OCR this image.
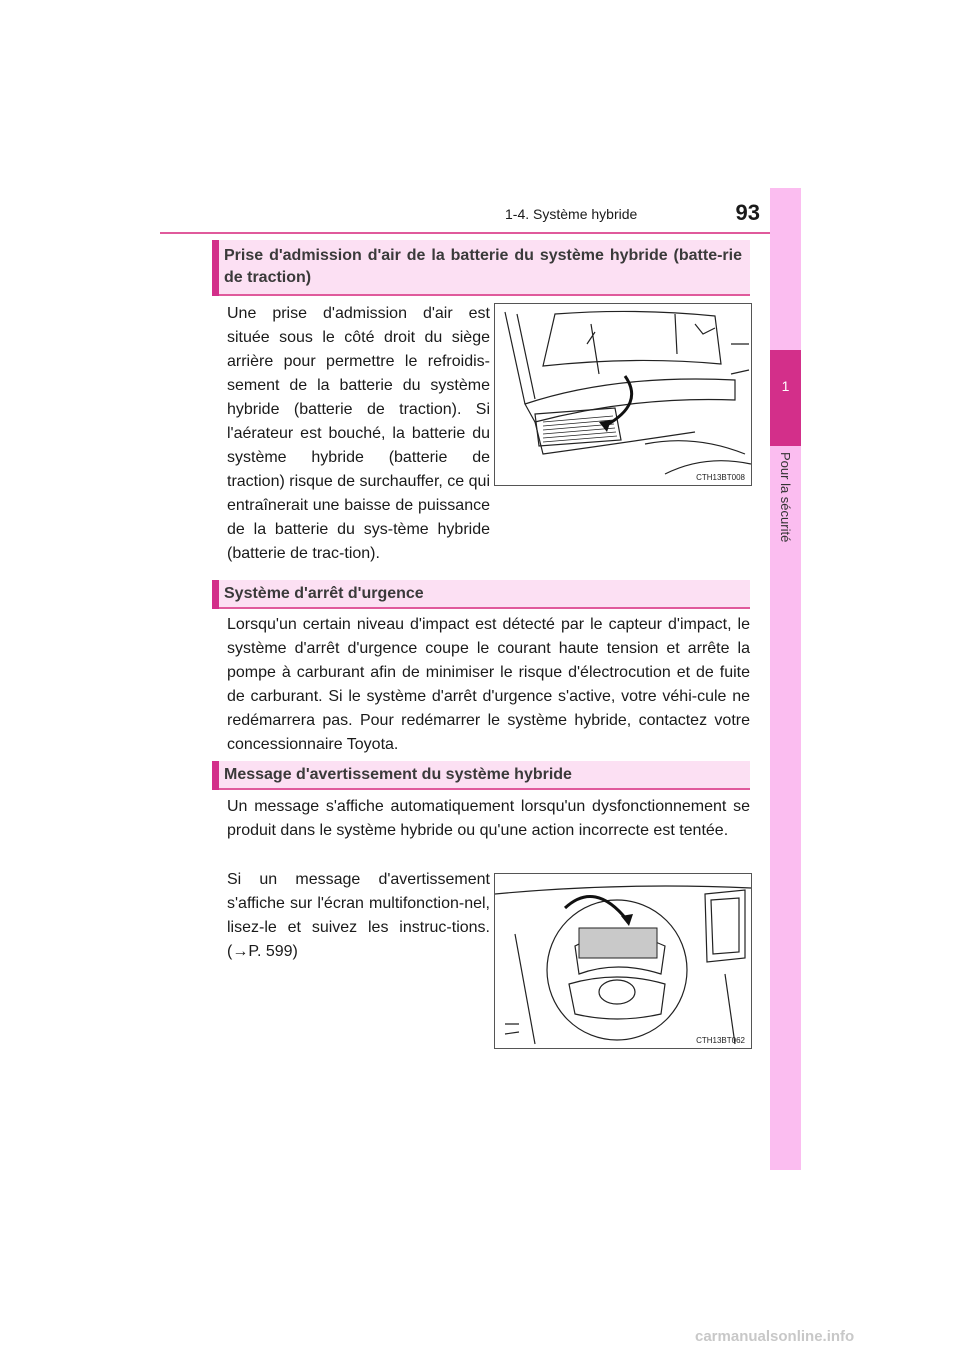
1-4. Système hybride	93
1
Pour la sécurité
Prise d'admission d'air de la batterie du système hybride (batte-rie de traction)
Une prise d'admission d'air est située sous le côté droit du siège arrière pour permettre le refroidis-sement de la batterie du système hybride (batterie de traction). Si l'aérateur est bouché, la batterie du système hybride (batterie de traction) risque de surchauffer, ce qui entraînerait une baisse de puissance de la batterie du sys-tème hybride (batterie de trac-tion).
CTH13BT008
Système d'arrêt d'urgence
Lorsqu'un certain niveau d'impact est détecté par le capteur d'impact, le système d'arrêt d'urgence coupe le courant haute tension et arrête la pompe à carburant afin de minimiser le risque d'électrocution et de fuite de carburant. Si le système d'arrêt d'urgence s'active, votre véhi-cule ne redémarrera pas. Pour redémarrer le système hybride, contactez votre concessionnaire Toyota.
Message d'avertissement du système hybride
Un message s'affiche automatiquement lorsqu'un dysfonctionnement se produit dans le système hybride ou qu'une action incorrecte est tentée.
Si un message d'avertissement s'affiche sur l'écran multifonction-nel, lisez-le et suivez les instruc-tions. (→P. 599)
CTH13BT062
carmanualsonline.info
